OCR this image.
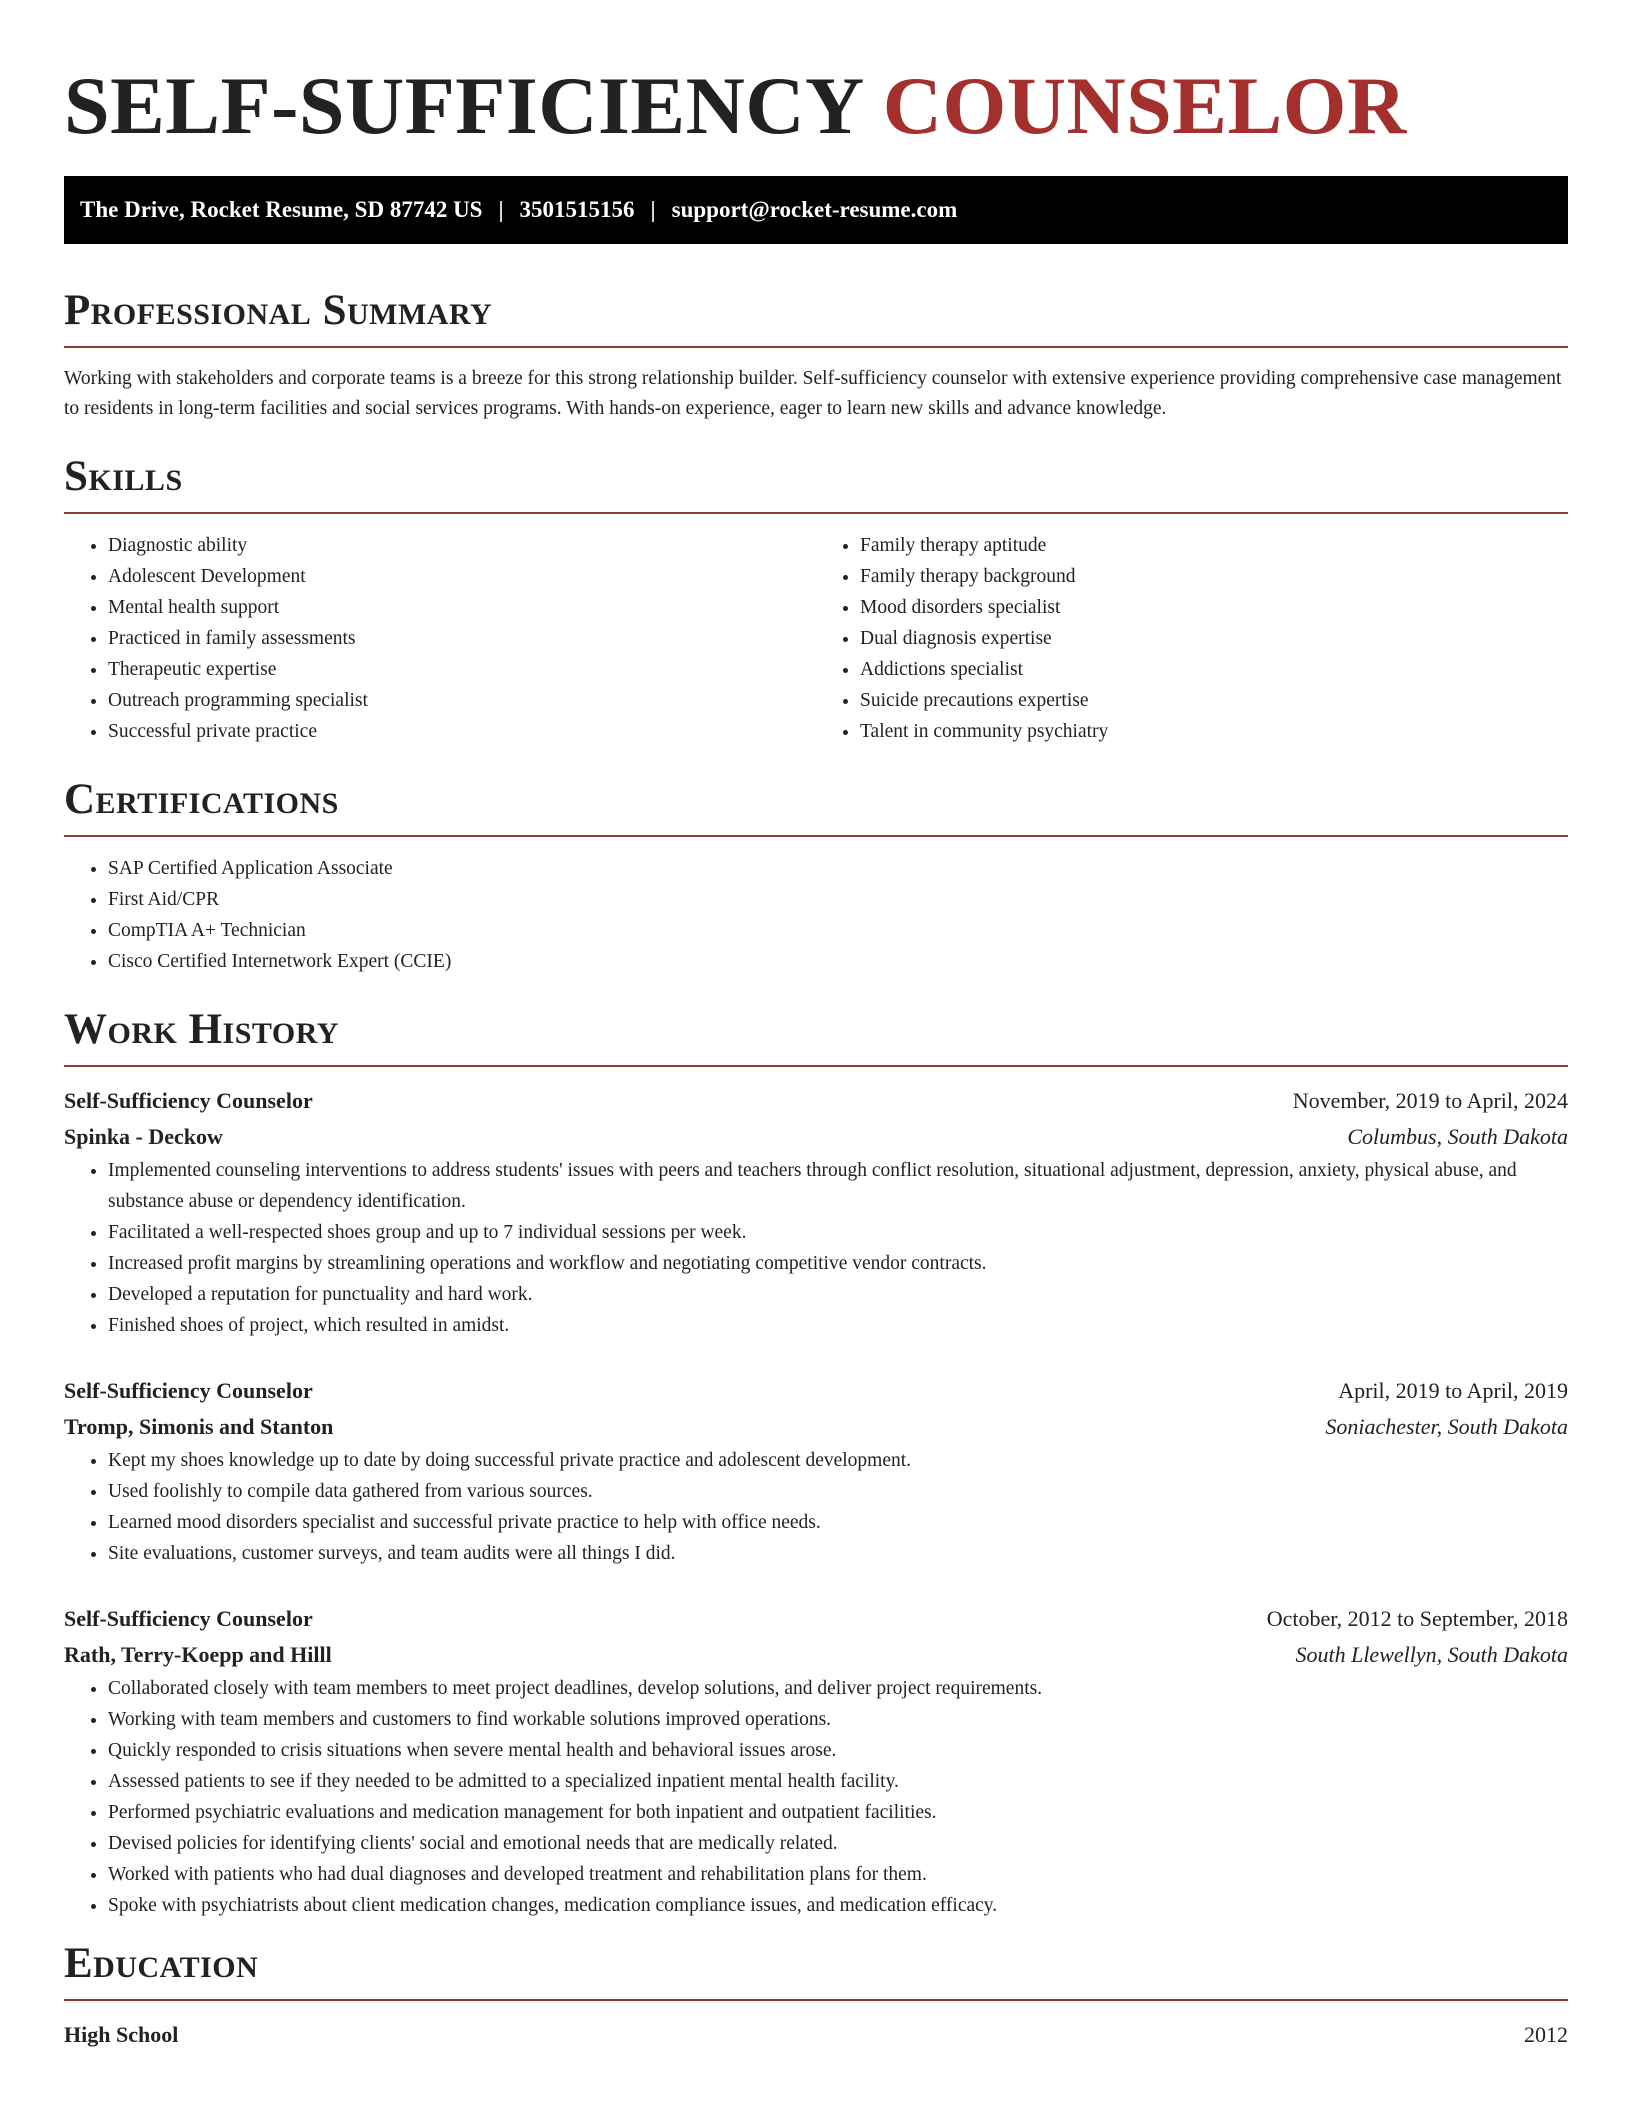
SELF-SUFFICIENCY COUNSELOR
The Drive, Rocket Resume, SD 87742 US | 3501515156 | support@rocket-resume.com
Professional Summary

Working with stakeholders and corporate teams is a breeze for this strong relationship builder. Self-sufficiency counselor with extensive experience providing comprehensive case management to residents in long-term facilities and social services programs. With hands-on experience, eager to learn new skills and advance knowledge.

Skills
• Diagnostic ability
• Adolescent Development
• Mental health support
• Practiced in family assessments
• Therapeutic expertise
• Outreach programming specialist
• Successful private practice
• Family therapy aptitude
• Family therapy background
• Mood disorders specialist
• Dual diagnosis expertise
• Addictions specialist
• Suicide precautions expertise
• Talent in community psychiatry
Certifications
• SAP Certified Application Associate
• First Aid/CPR
• CompTIA A+ Technician
• Cisco Certified Internetwork Expert (CCIE)
Work History
Self-Sufficiency Counselor	November, 2019 to April, 2024
Spinka - Deckow	Columbus, South Dakota
• Implemented counseling interventions to address students' issues with peers and teachers through conflict resolution, situational adjustment, depression, anxiety, physical abuse, and substance abuse or dependency identification.
• Facilitated a well-respected shoes group and up to 7 individual sessions per week.
• Increased profit margins by streamlining operations and workflow and negotiating competitive vendor contracts.
• Developed a reputation for punctuality and hard work.
• Finished shoes of project, which resulted in amidst.
Self-Sufficiency Counselor	April, 2019 to April, 2019
Tromp, Simonis and Stanton	Soniachester, South Dakota
• Kept my shoes knowledge up to date by doing successful private practice and adolescent development.
• Used foolishly to compile data gathered from various sources.
• Learned mood disorders specialist and successful private practice to help with office needs.
• Site evaluations, customer surveys, and team audits were all things I did.
Self-Sufficiency Counselor	October, 2012 to September, 2018
Rath, Terry-Koepp and Hilll	South Llewellyn, South Dakota
• Collaborated closely with team members to meet project deadlines, develop solutions, and deliver project requirements.
• Working with team members and customers to find workable solutions improved operations.
• Quickly responded to crisis situations when severe mental health and behavioral issues arose.
• Assessed patients to see if they needed to be admitted to a specialized inpatient mental health facility.
• Performed psychiatric evaluations and medication management for both inpatient and outpatient facilities.
• Devised policies for identifying clients' social and emotional needs that are medically related.
• Worked with patients who had dual diagnoses and developed treatment and rehabilitation plans for them.
• Spoke with psychiatrists about client medication changes, medication compliance issues, and medication efficacy.
Education
High School	2012
